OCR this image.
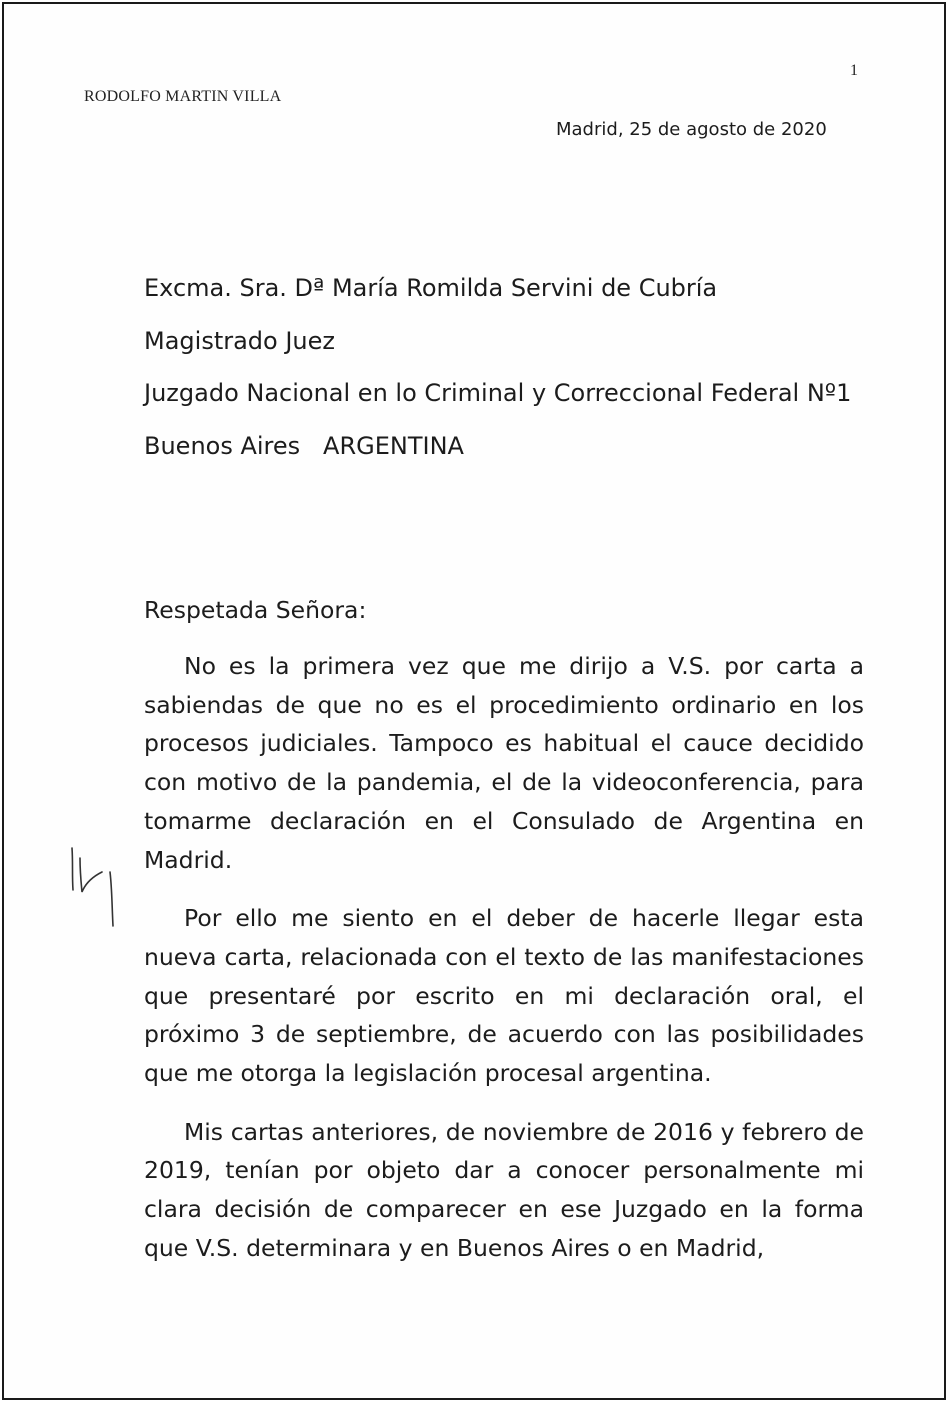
1
RODOLFO MARTIN VILLA
Madrid, 25 de agosto de 2020
Excma. Sra. Dª María Romilda Servini de Cubría
Magistrado Juez
Juzgado Nacional en lo Criminal y Correccional Federal Nº1
Buenos Aires   ARGENTINA
Respetada Señora:

No es la primera vez que me dirijo a V.S. por carta a sabiendas de que no es el procedimiento ordinario en los procesos judiciales. Tampoco es habitual el cauce decidido con motivo de la pandemia, el de la videoconferencia, para tomarme declaración en el Consulado de Argentina en Madrid.

Por ello me siento en el deber de hacerle llegar esta nueva carta, relacionada con el texto de las manifestaciones que presentaré por escrito en mi declaración oral, el próximo 3 de septiembre, de acuerdo con las posibilidades que me otorga la legislación procesal argentina.

Mis cartas anteriores, de noviembre de 2016 y febrero de 2019, tenían por objeto dar a conocer personalmente mi clara decisión de comparecer en ese Juzgado en la forma que V.S. determinara y en Buenos Aires o en Madrid,
